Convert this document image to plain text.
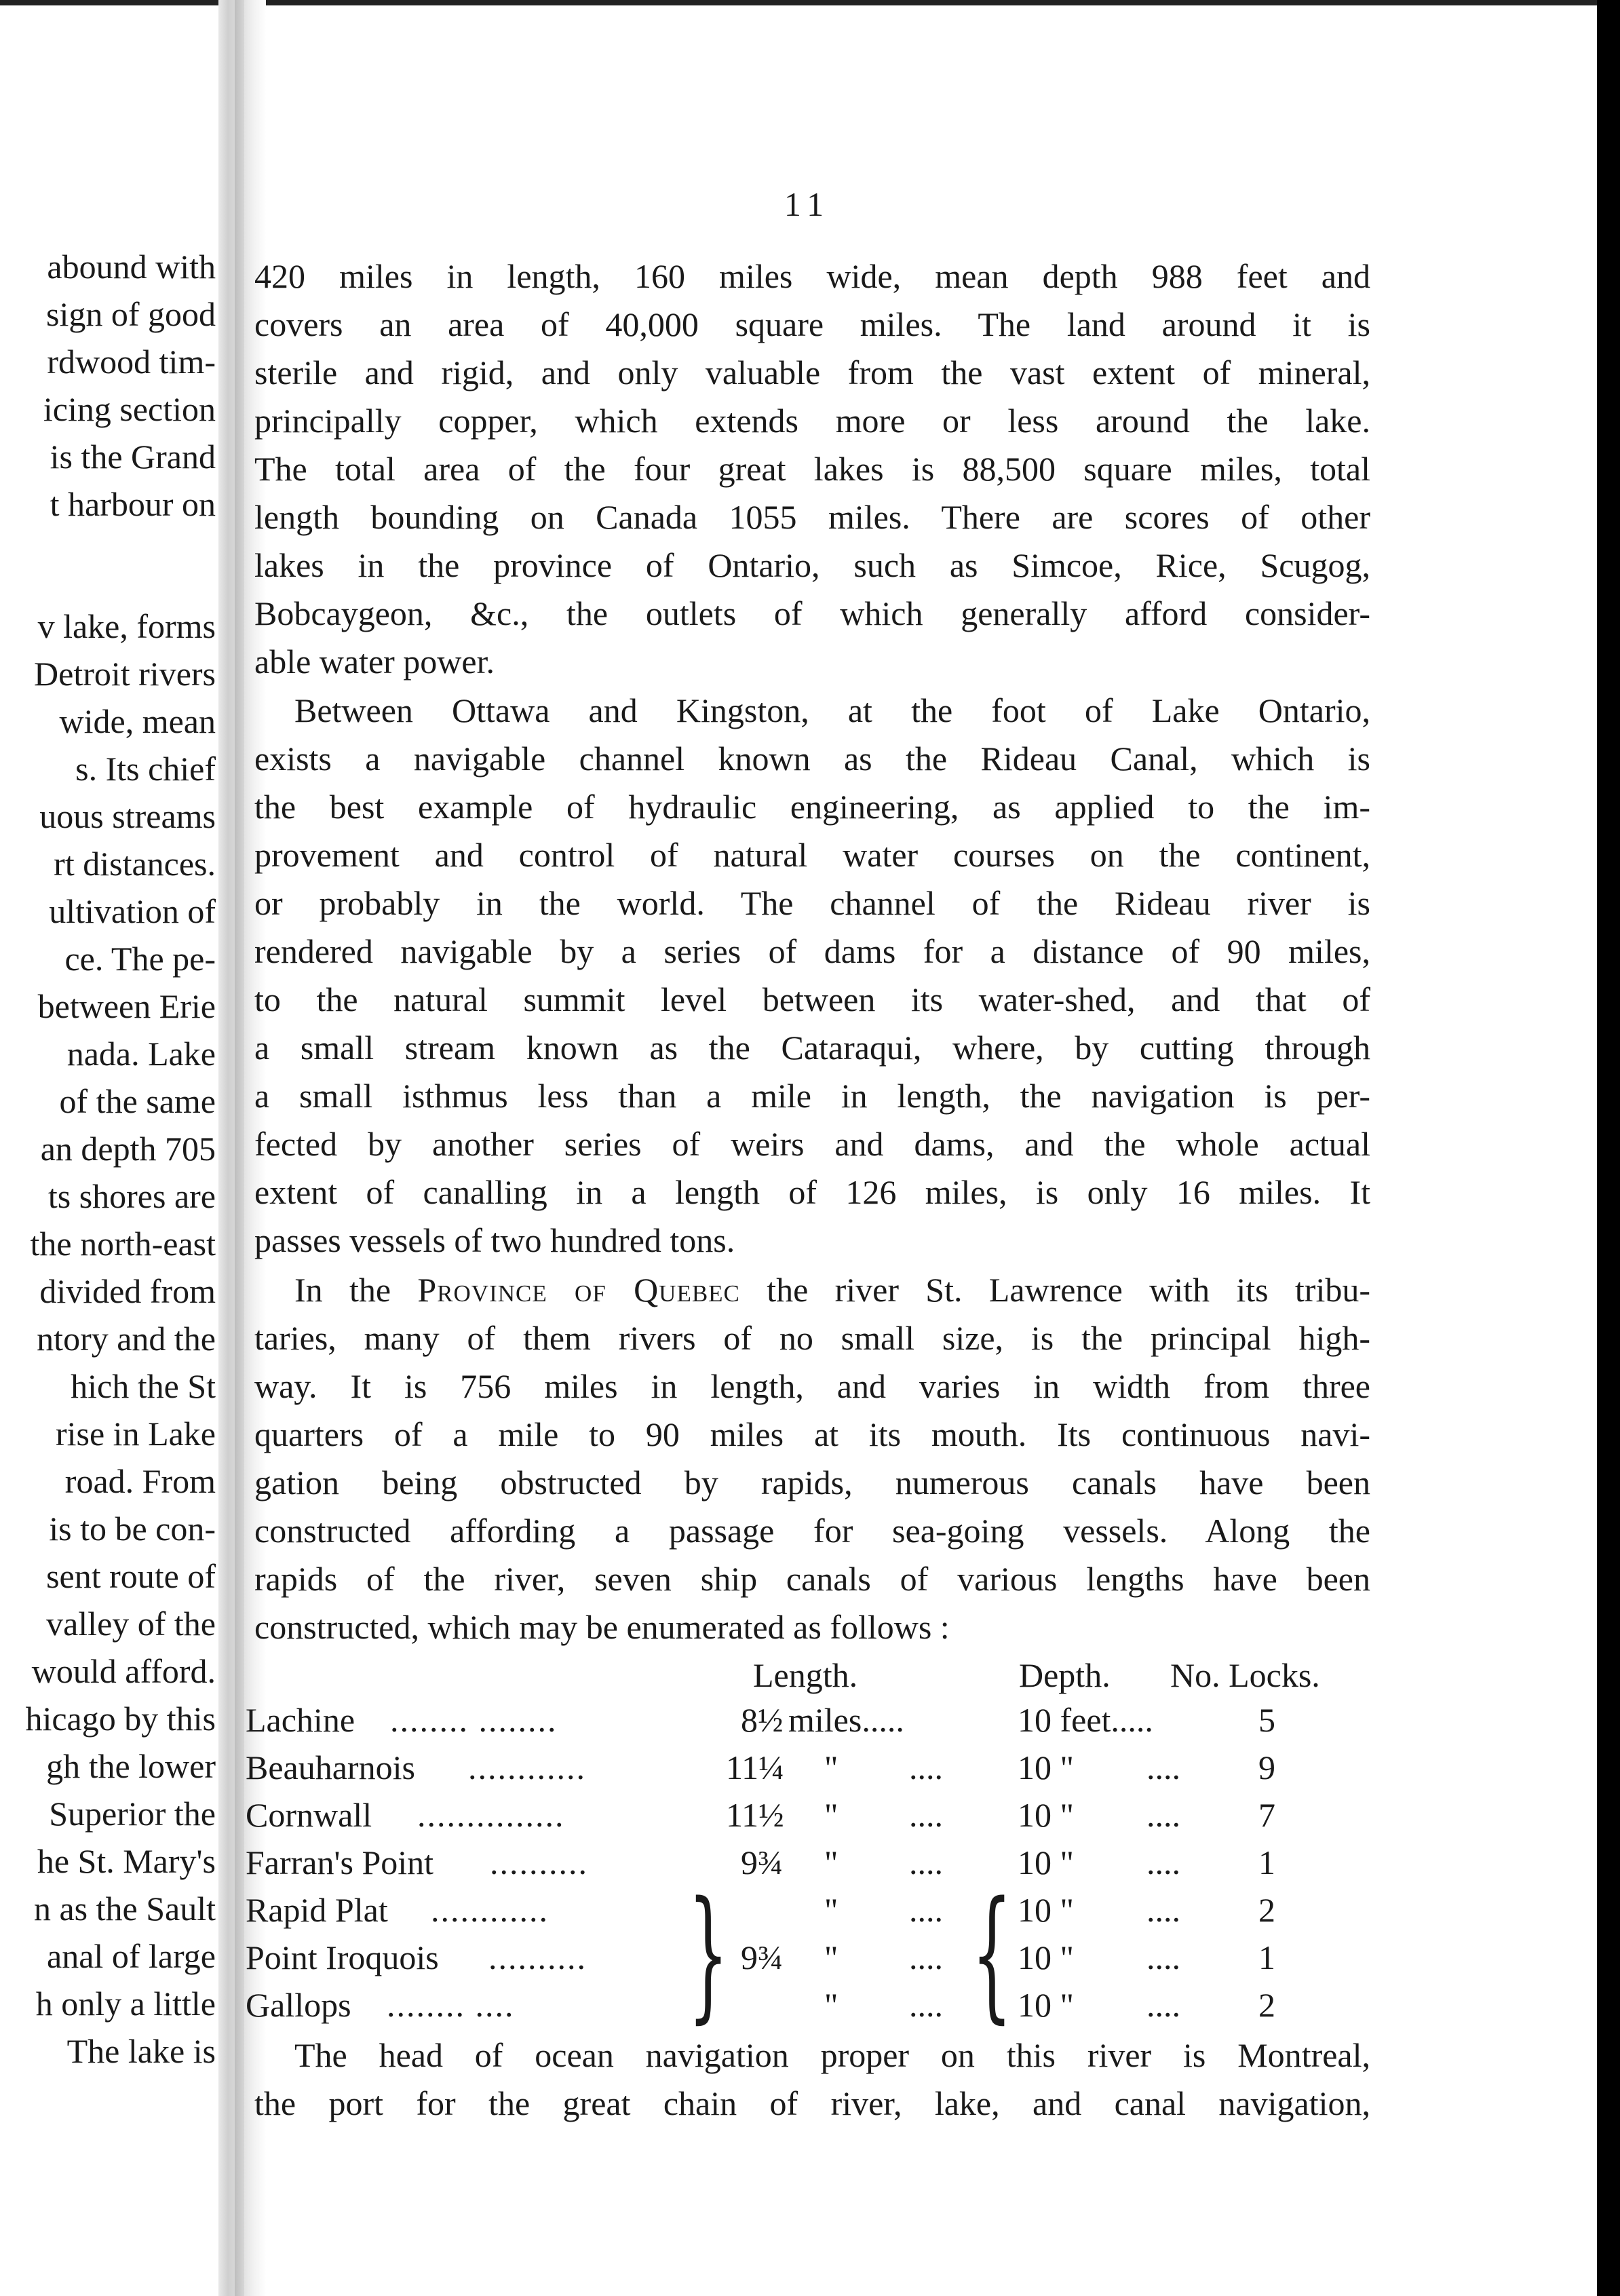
abound with
sign of good
rdwood tim-
icing section
is the Grand
t harbour on
v lake, forms
Detroit rivers
wide, mean
s. Its chief
uous streams
rt distances.
ultivation of
ce. The pe-
between Erie
nada. Lake
of the same
an depth 705
ts shores are
the north-east
divided from
ntory and the
hich the St
rise in Lake
road. From
is to be con-
sent route of
valley of the
would afford.
hicago by this
gh the lower
Superior the
he St. Mary's
n as the Sault
anal of large
h only a little
The lake is
11
420 miles in length, 160 miles wide, mean depth 988 feet and
covers an area of 40,000 square miles. The land around it is
sterile and rigid, and only valuable from the vast extent of mineral,
principally copper, which extends more or less around the lake.
The total area of the four great lakes is 88,500 square miles, total
length bounding on Canada 1055 miles. There are scores of other
lakes in the province of Ontario, such as Simcoe, Rice, Scugog,
Bobcaygeon, &c., the outlets of which generally afford consider-
able water power.
Between Ottawa and Kingston, at the foot of Lake Ontario,
exists a navigable channel known as the Rideau Canal, which is
the best example of hydraulic engineering, as applied to the im-
provement and control of natural water courses on the continent,
or probably in the world. The channel of the Rideau river is
rendered navigable by a series of dams for a distance of 90 miles,
to the natural summit level between its water-shed, and that of
a small stream known as the Cataraqui, where, by cutting through
a small isthmus less than a mile in length, the navigation is per-
fected by another series of weirs and dams, and the whole actual
extent of canalling in a length of 126 miles, is only 16 miles. It
passes vessels of two hundred tons.
In the Province of Quebec the river St. Lawrence with its tribu-
taries, many of them rivers of no small size, is the principal high-
way. It is 756 miles in length, and varies in width from three
quarters of a mile to 90 miles at its mouth. Its continuous navi-
gation being obstructed by rapids, numerous canals have been
constructed affording a passage for sea-going vessels. Along the
rapids of the river, seven ship canals of various lengths have been
constructed, which may be enumerated as follows :
Length.	Depth. No. Locks.
Lachine ........ ........	8½ miles.....	10 feet.....	5
Beauharnois ............	11¼ " .... 10 " .... 9
Cornwall ...............	11½ " .... 10 " .... 7
Farran's Point ..........	9¾ " .... 10 " .... 1
Rapid Plat ............	" .... 10 " .... 2
Point Iroquois ..........	9¾ " .... 10 " .... 1
Gallops ........ ....	" .... 10 " .... 2
} {
The head of ocean navigation proper on this river is Montreal,
the port for the great chain of river, lake, and canal navigation,
